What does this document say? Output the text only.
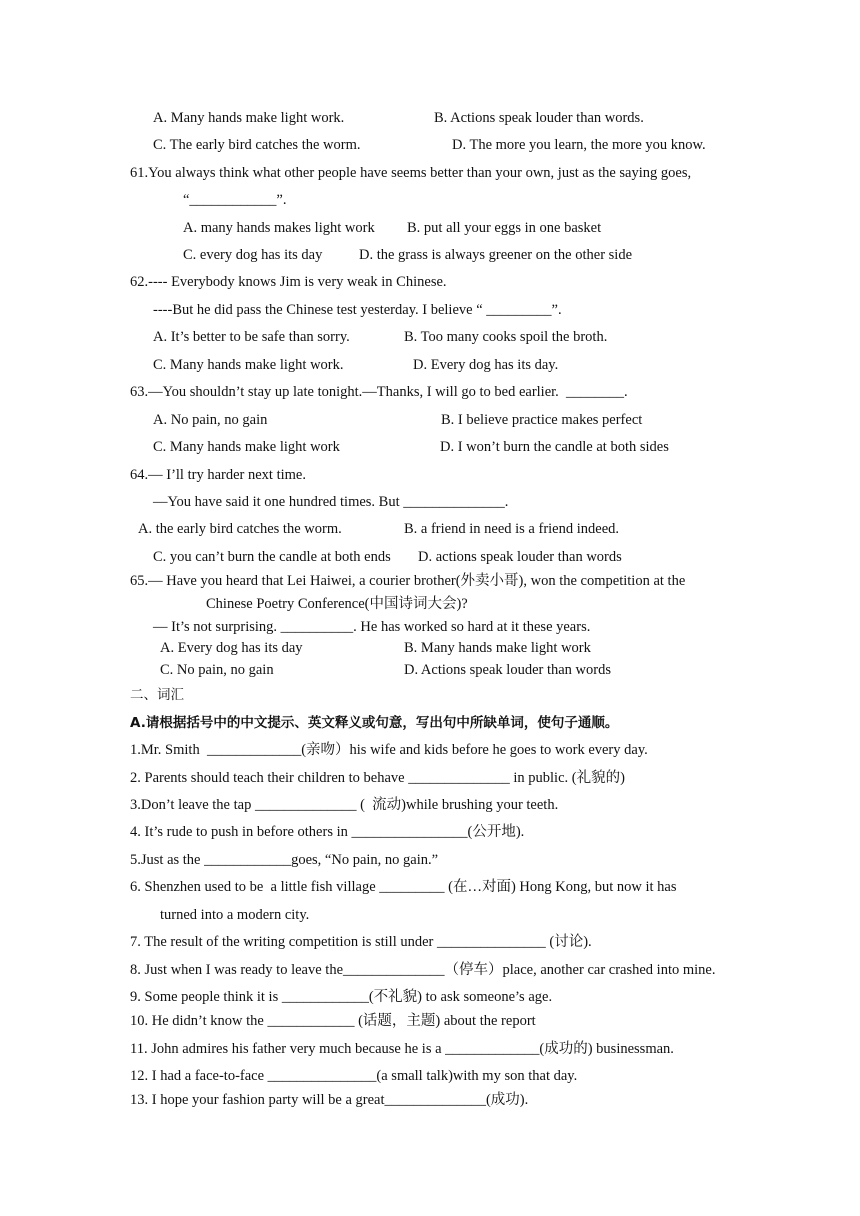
A. Many hands make light work.	B. Actions speak louder than words.
C. The early bird catches the worm.	D. The more you learn, the more you know.
61.You always think what other people have seems better than your own, just as the saying goes,
“____________”.
A. many hands makes light work B. put all your eggs in one basket
C. every dog has its day	D. the grass is always greener on the other side
62.---- Everybody knows Jim is very weak in Chinese.
----But he did pass the Chinese test yesterday. I believe “ _________”.
A. It’s better to be safe than sorry.	B. Too many cooks spoil the broth.
C. Many hands make light work.	D. Every dog has its day.
63.—You shouldn’t stay up late tonight.—Thanks, I will go to bed earlier.  ________.
A. No pain, no gain	B. I believe practice makes perfect
C. Many hands make light work	D. I won’t burn the candle at both sides
64.— I’ll try harder next time.
—You have said it one hundred times. But ______________.
A. the early bird catches the worm.	B. a friend in need is a friend indeed.
C. you can’t burn the candle at both ends D. actions speak louder than words
65.— Have you heard that Lei Haiwei, a courier brother(外卖小哥), won the competition at the
Chinese Poetry Conference(中国诗词大会)?
— It’s not surprising. __________. He has worked so hard at it these years.
A. Every dog has its day	B. Many hands make light work
C. No pain, no gain	D. Actions speak louder than words
二、词汇
A.请根据括号中的中文提示、英文释义或句意，写出句中所缺单词，使句子通顺。
1.Mr. Smith  _____________(亲吻）his wife and kids before he goes to work every day.
2. Parents should teach their children to behave ______________ in public. (礼貌的)
3.Don’t leave the tap ______________ (  流动)while brushing your teeth.
4. It’s rude to push in before others in ________________(公开地).
5.Just as the ____________goes, “No pain, no gain.”
6. Shenzhen used to be  a little fish village _________ (在…对面) Hong Kong, but now it has
turned into a modern city.
7. The result of the writing competition is still under _______________ (讨论).
8. Just when I was ready to leave the______________（停车）place, another car crashed into mine.
9. Some people think it is ____________(不礼貌) to ask someone’s age.
10. He didn’t know the ____________ (话题，主题) about the report
11. John admires his father very much because he is a _____________(成功的) businessman.
12. I had a face-to-face _______________(a small talk)with my son that day.
13. I hope your fashion party will be a great______________(成功).
